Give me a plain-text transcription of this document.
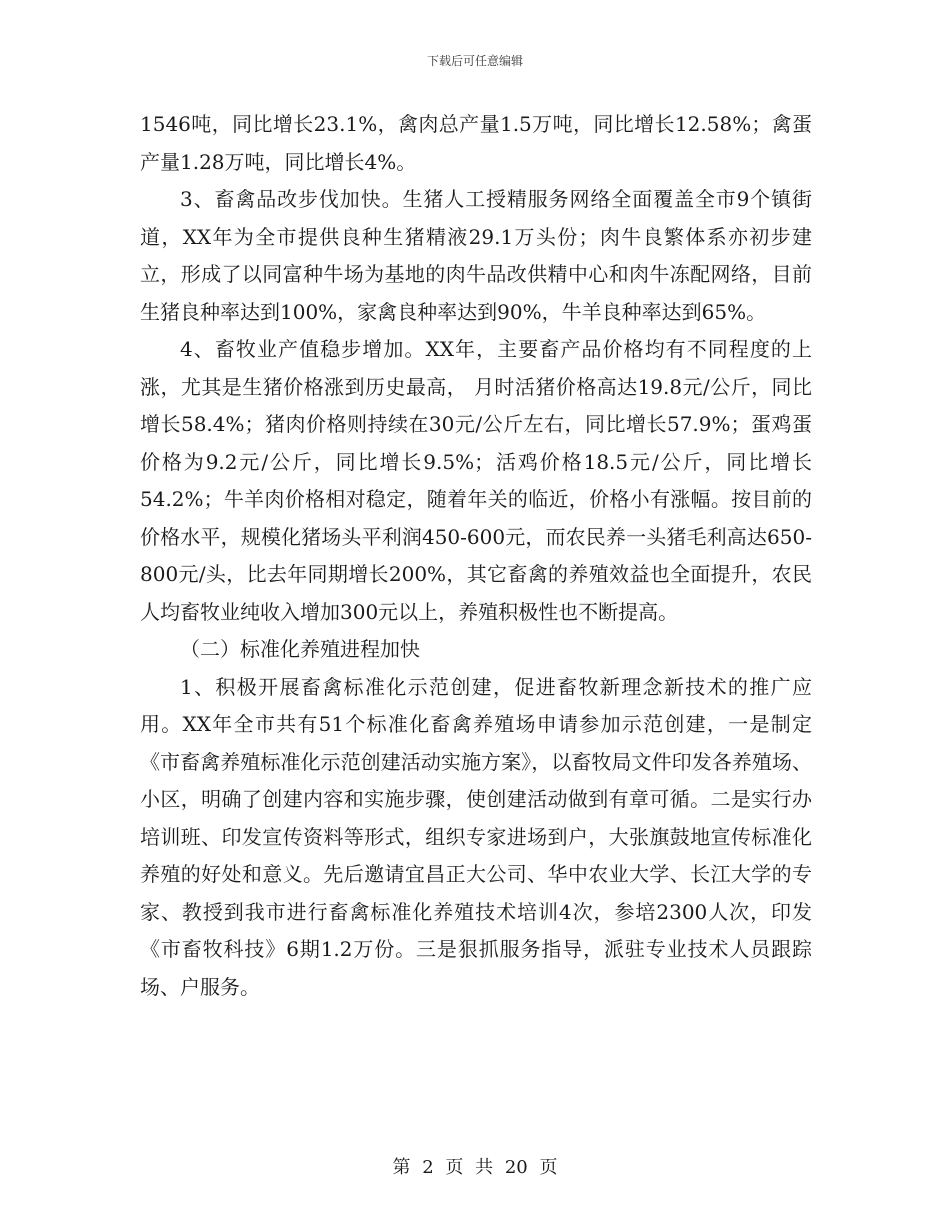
下载后可任意编辑

1546吨，同比增长23.1%，禽肉总产量1.5万吨，同比增长12.58%；禽蛋产量1.28万吨，同比增长4%。

3、畜禽品改步伐加快。生猪人工授精服务网络全面覆盖全市9个镇街道，XX年为全市提供良种生猪精液29.1万头份；肉牛良繁体系亦初步建立，形成了以同富种牛场为基地的肉牛品改供精中心和肉牛冻配网络，目前生猪良种率达到100%，家禽良种率达到90%，牛羊良种率达到65%。

4、畜牧业产值稳步增加。XX年，主要畜产品价格均有不同程度的上涨，尤其是生猪价格涨到历史最高， 月时活猪价格高达19.8元/公斤，同比增长58.4%；猪肉价格则持续在30元/公斤左右，同比增长57.9%；蛋鸡蛋价格为9.2元/公斤，同比增长9.5%；活鸡价格18.5元/公斤，同比增长54.2%；牛羊肉价格相对稳定，随着年关的临近，价格小有涨幅。按目前的价格水平，规模化猪场头平利润450-600元，而农民养一头猪毛利高达650-800元/头，比去年同期增长200%，其它畜禽的养殖效益也全面提升，农民人均畜牧业纯收入增加300元以上，养殖积极性也不断提高。

（二）标准化养殖进程加快

1、积极开展畜禽标准化示范创建，促进畜牧新理念新技术的推广应用。XX年全市共有51个标准化畜禽养殖场申请参加示范创建，一是制定《市畜禽养殖标准化示范创建活动实施方案》，以畜牧局文件印发各养殖场、小区，明确了创建内容和实施步骤，使创建活动做到有章可循。二是实行办培训班、印发宣传资料等形式，组织专家进场到户，大张旗鼓地宣传标准化养殖的好处和意义。先后邀请宜昌正大公司、华中农业大学、长江大学的专家、教授到我市进行畜禽标准化养殖技术培训4次，参培2300人次，印发《市畜牧科技》6期1.2万份。三是狠抓服务指导，派驻专业技术人员跟踪场、户服务。

第 2 页 共 20 页
